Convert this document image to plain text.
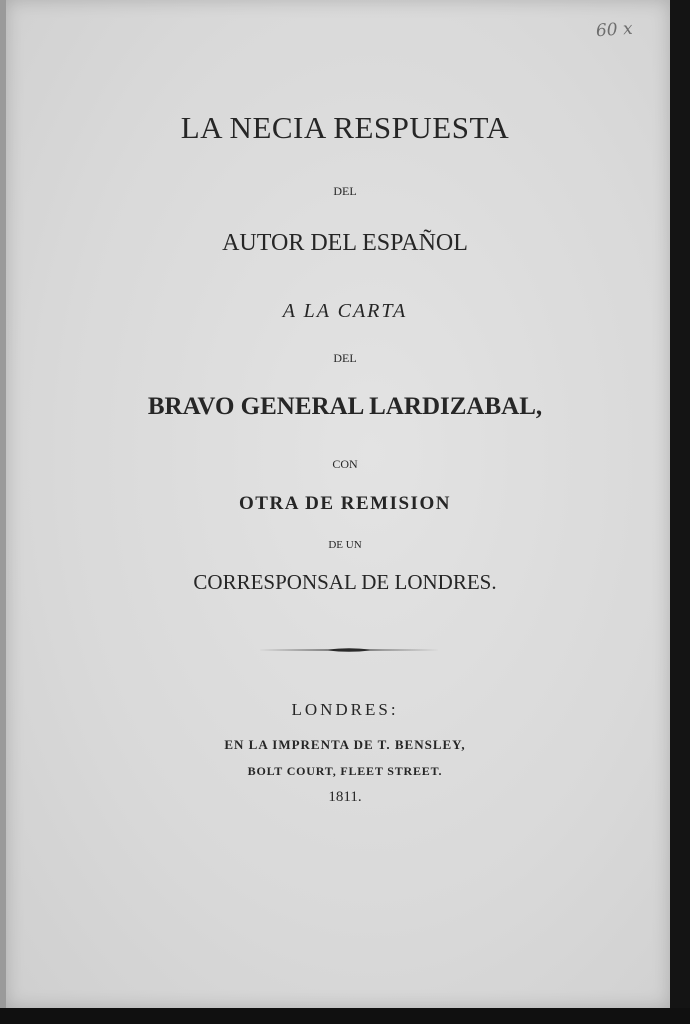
60 x
LA NECIA RESPUESTA
DEL
AUTOR DEL ESPAÑOL
A LA CARTA
DEL
BRAVO GENERAL LARDIZABAL,
CON
OTRA DE REMISION
DE UN
CORRESPONSAL DE LONDRES.
LONDRES:
EN LA IMPRENTA DE T. BENSLEY,
BOLT COURT, FLEET STREET.
1811.
